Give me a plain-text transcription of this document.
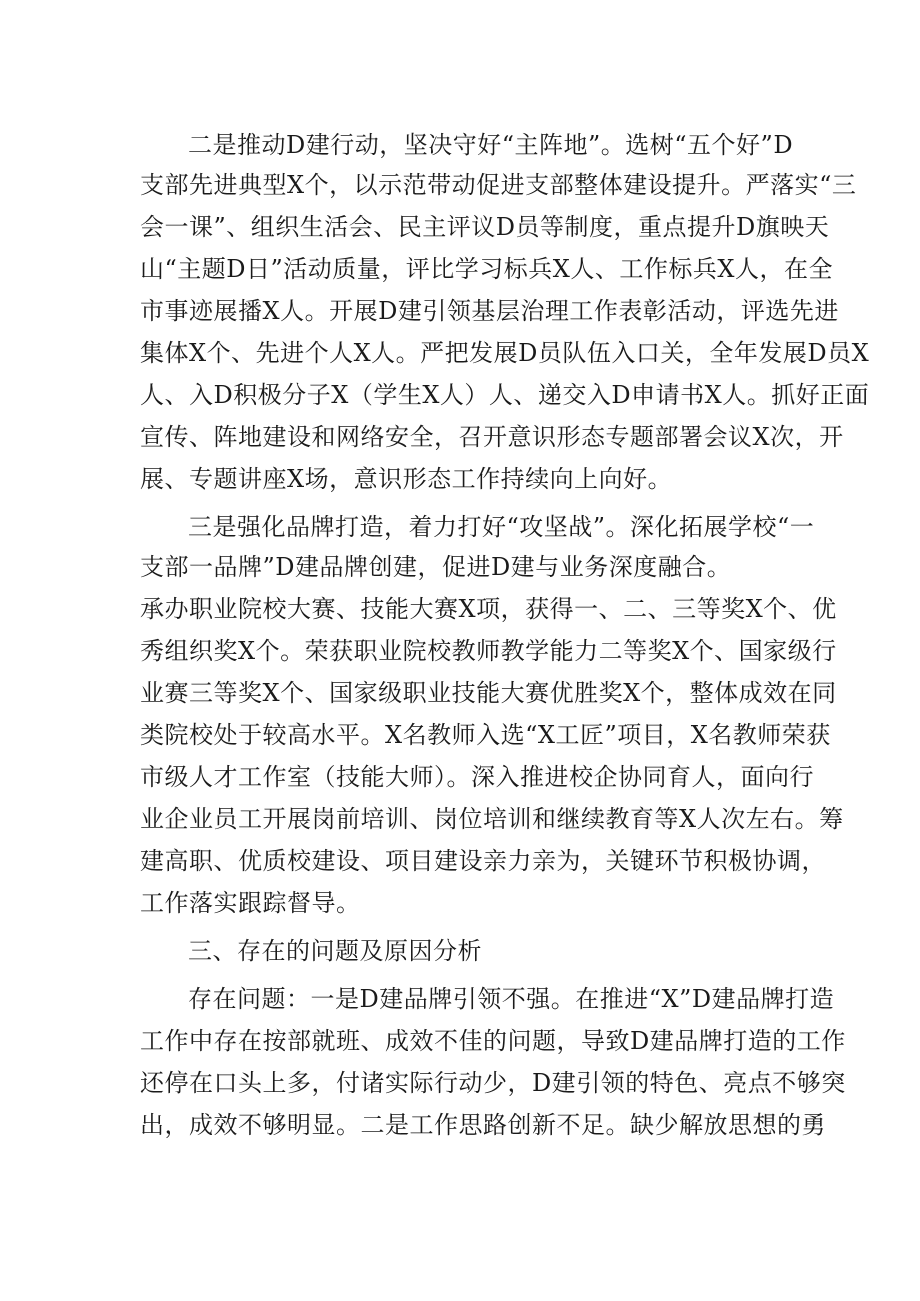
二是推动D建行动，坚决守好“主阵地”。选树“五个好”D
支部先进典型X个，以示范带动促进支部整体建设提升。严落实“三
会一课”、组织生活会、民主评议D员等制度，重点提升D旗映天
山“主题D日”活动质量，评比学习标兵X人、工作标兵X人，在全
市事迹展播X人。开展D建引领基层治理工作表彰活动，评选先进
集体X个、先进个人X人。严把发展D员队伍入口关，全年发展D员X
人、入D积极分子X（学生X人）人、递交入D申请书X人。抓好正面
宣传、阵地建设和网络安全，召开意识形态专题部署会议X次，开
展、专题讲座X场，意识形态工作持续向上向好。
三是强化品牌打造，着力打好“攻坚战”。深化拓展学校“一
支部一品牌”D建品牌创建，促进D建与业务深度融合。
承办职业院校大赛、技能大赛X项，获得一、二、三等奖X个、优
秀组织奖X个。荣获职业院校教师教学能力二等奖X个、国家级行
业赛三等奖X个、国家级职业技能大赛优胜奖X个，整体成效在同
类院校处于较高水平。X名教师入选“X工匠”项目，X名教师荣获
市级人才工作室（技能大师）。深入推进校企协同育人，面向行
业企业员工开展岗前培训、岗位培训和继续教育等X人次左右。筹
建高职、优质校建设、项目建设亲力亲为，关键环节积极协调，
工作落实跟踪督导。
三、存在的问题及原因分析
存在问题：一是D建品牌引领不强。在推进“X”D建品牌打造
工作中存在按部就班、成效不佳的问题，导致D建品牌打造的工作
还停在口头上多，付诸实际行动少，D建引领的特色、亮点不够突
出，成效不够明显。二是工作思路创新不足。缺少解放思想的勇
